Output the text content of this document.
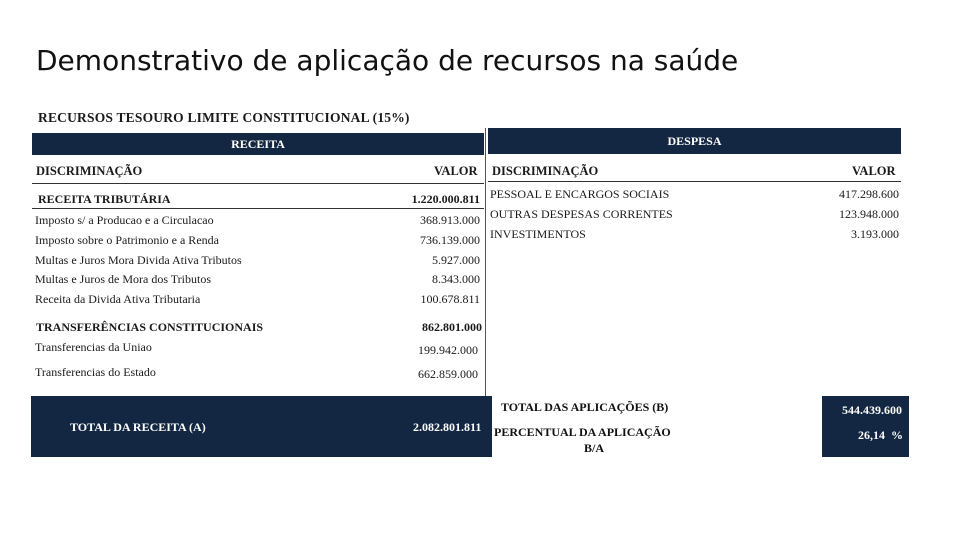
Demonstrativo de aplicação de recursos na saúde
RECURSOS TESOURO LIMITE CONSTITUCIONAL (15%)
RECEITA
DISCRIMINAÇÃO	VALOR
RECEITA TRIBUTÁRIA	1.220.000.811
Imposto s/ a Producao e a Circulacao	368.913.000
Imposto sobre o Patrimonio e a Renda	736.139.000
Multas e Juros Mora Divida Ativa Tributos	5.927.000
Multas e Juros de Mora dos Tributos	8.343.000
Receita da Divida Ativa Tributaria	100.678.811
TRANSFERÊNCIAS CONSTITUCIONAIS	862.801.000
Transferencias da Uniao	199.942.000
Transferencias do Estado	662.859.000
DESPESA
DISCRIMINAÇÃO	VALOR
PESSOAL E ENCARGOS SOCIAIS	417.298.600
OUTRAS DESPESAS CORRENTES	123.948.000
INVESTIMENTOS	3.193.000
TOTAL DA RECEITA (A)	2.082.801.811
TOTAL DAS APLICAÇÕES (B)	544.439.600
PERCENTUAL DA APLICAÇÃO
B/A
26,14  %
